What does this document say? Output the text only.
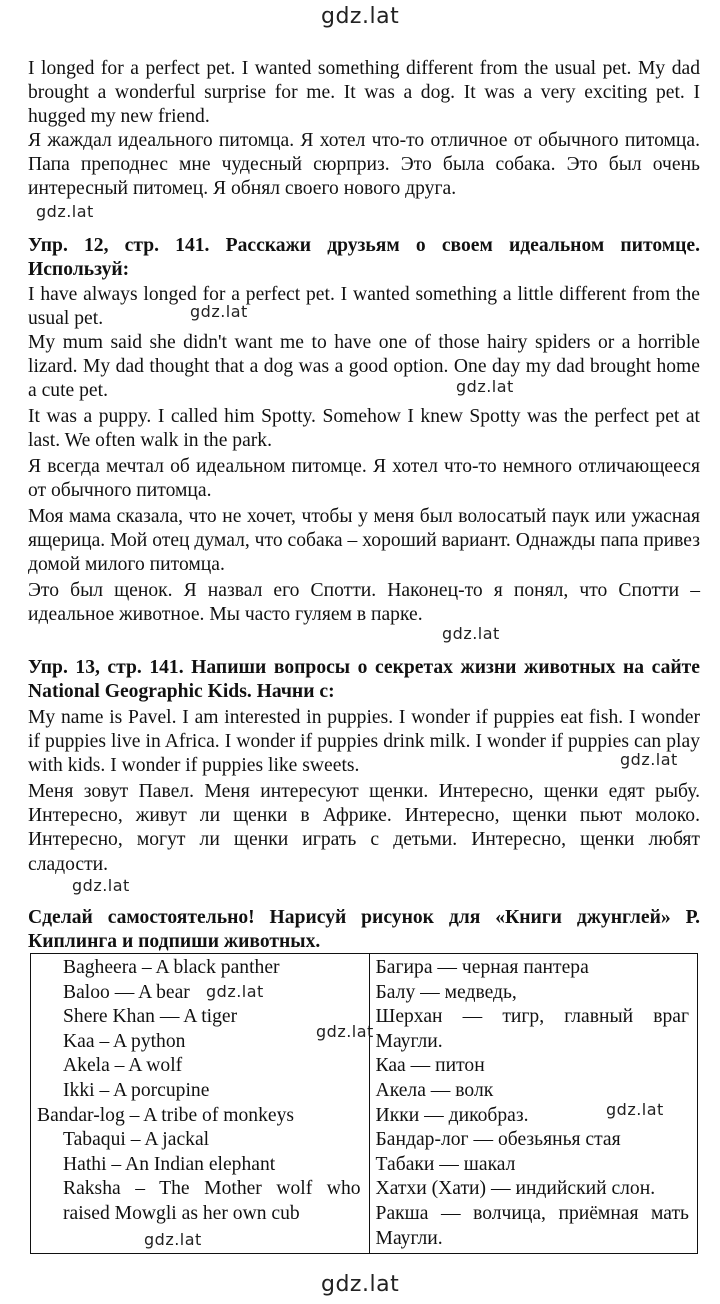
gdz.lat
gdz.lat
gdz.lat
gdz.lat
gdz.lat
gdz.lat
gdz.lat
gdz.lat
gdz.lat
gdz.lat
gdz.lat
gdz.lat

I longed for a perfect pet. I wanted something different from the usual pet. My dad brought a wonderful surprise for me. It was a dog. It was a very exciting pet. I hugged my new friend.

Я жаждал идеального питомца. Я хотел что-то отличное от обычного питомца. Папа преподнес мне чудесный сюрприз. Это была собака. Это был очень интересный питомец. Я обнял своего нового друга.

Упр. 12, стр. 141. Расскажи друзьям о своем идеальном питомце. Используй:

I have always longed for a perfect pet. I wanted something a little different from the usual pet.

My mum said she didn't want me to have one of those hairy spiders or a horrible lizard. My dad thought that a dog was a good option. One day my dad brought home a cute pet.

It was a puppy. I called him Spotty. Somehow I knew Spotty was the perfect pet at last. We often walk in the park.

Я всегда мечтал об идеальном питомце. Я хотел что-то немного отличающееся от обычного питомца.

Моя мама сказала, что не хочет, чтобы у меня был волосатый паук или ужасная ящерица. Мой отец думал, что собака – хороший вариант. Однажды папа привез домой милого питомца.

Это был щенок. Я назвал его Спотти. Наконец-то я понял, что Спотти – идеальное животное. Мы часто гуляем в парке.

Упр. 13, стр. 141. Напиши вопросы о секретах жизни животных на сайте National Geographic Kids. Начни с:

My name is Pavel. I am interested in puppies. I wonder if puppies eat fish. I wonder if puppies live in Africa. I wonder if puppies drink milk. I wonder if puppies can play with kids. I wonder if puppies like sweets.

Меня зовут Павел. Меня интересуют щенки. Интересно, щенки едят рыбу. Интересно, живут ли щенки в Африке. Интересно, щенки пьют молоко. Интересно, могут ли щенки играть с детьми. Интересно, щенки любят сладости.

Сделай самостоятельно! Нарисуй рисунок для «Книги джунглей» Р. Киплинга и подпиши животных.

Bagheera – A black panther
Baloo — A bear
Shere Khan — A tiger
Kaa – A python
Akela – A wolf
Ikki – A porcupine
Bandar-log – A tribe of monkeys
Tabaqui – A jackal
Hathi – An Indian elephant
Raksha – The Mother wolf who raised Mowgli as her own cub

Багира — черная пантера
Балу — медведь,
Шерхан — тигр, главный враг Маугли.
Каа — питон
Акела — волк
Икки — дикобраз.
Бандар-лог — обезьянья стая
Табаки — шакал
Хатхи (Хати) — индийский слон.
Ракша — волчица, приёмная мать Маугли.
